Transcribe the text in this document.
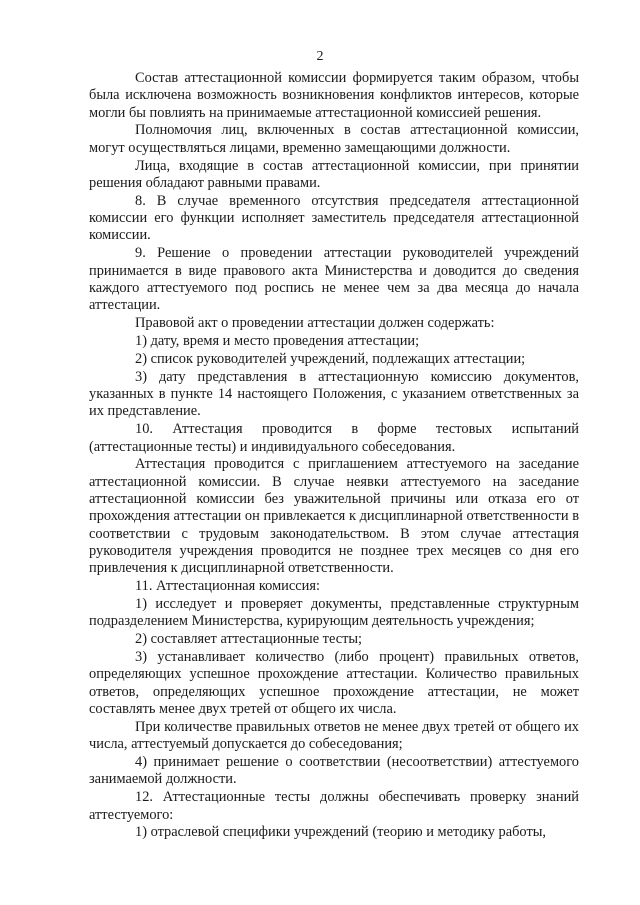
2

Состав аттестационной комиссии формируется таким образом, чтобы была исключена возможность возникновения конфликтов интересов, которые могли бы повлиять на принимаемые аттестационной комиссией решения.

Полномочия лиц, включенных в состав аттестационной комиссии, могут осуществляться лицами, временно замещающими должности.

Лица, входящие в состав аттестационной комиссии, при принятии решения обладают равными правами.

8. В случае временного отсутствия председателя аттестационной комиссии его функции исполняет заместитель председателя аттестационной комиссии.

9. Решение о проведении аттестации руководителей учреждений принимается в виде правового акта Министерства и доводится до сведения каждого аттестуемого под роспись не менее чем за два месяца до начала аттестации.

Правовой акт о проведении аттестации должен содержать:

1) дату, время и место проведения аттестации;

2) список руководителей учреждений, подлежащих аттестации;

3) дату представления в аттестационную комиссию документов, указанных в пункте 14 настоящего Положения, с указанием ответственных за их представление.

10. Аттестация проводится в форме тестовых испытаний (аттестационные тесты) и индивидуального собеседования.

Аттестация проводится с приглашением аттестуемого на заседание аттестационной комиссии. В случае неявки аттестуемого на заседание аттестационной комиссии без уважительной причины или отказа его от прохождения аттестации он привлекается к дисциплинарной ответственности в соответствии с трудовым законодательством. В этом случае аттестация руководителя учреждения проводится не позднее трех месяцев со дня его привлечения к дисциплинарной ответственности.

11. Аттестационная комиссия:

1) исследует и проверяет документы, представленные структурным подразделением Министерства, курирующим деятельность учреждения;

2) составляет аттестационные тесты;

3) устанавливает количество (либо процент) правильных ответов, определяющих успешное прохождение аттестации. Количество правильных ответов, определяющих успешное прохождение аттестации, не может составлять менее двух третей от общего их числа.

При количестве правильных ответов не менее двух третей от общего их числа, аттестуемый допускается до собеседования;

4) принимает решение о соответствии (несоответствии) аттестуемого занимаемой должности.

12. Аттестационные тесты должны обеспечивать проверку знаний аттестуемого:

1) отраслевой специфики учреждений (теорию и методику работы,
